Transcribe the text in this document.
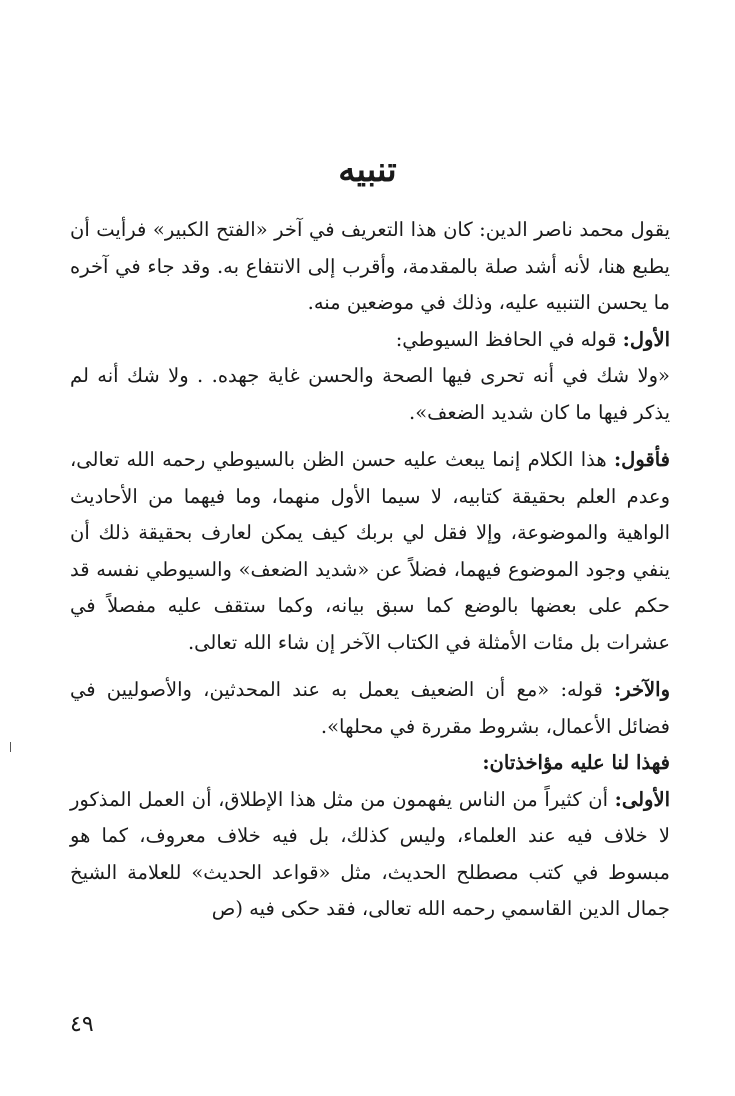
تنبيه

يقول محمد ناصر الدين: كان هذا التعريف في آخر «الفتح الكبير» فرأيت أن يطبع هنا، لأنه أشد صلة بالمقدمة، وأقرب إلى الانتفاع به. وقد جاء في آخره ما يحسن التنبيه عليه، وذلك في موضعين منه.

الأول: قوله في الحافظ السيوطي:

«ولا شك في أنه تحرى فيها الصحة والحسن غاية جهده. . ولا شك أنه لم يذكر فيها ما كان شديد الضعف».

فأقول: هذا الكلام إنما يبعث عليه حسن الظن بالسيوطي رحمه الله تعالى، وعدم العلم بحقيقة كتابيه، لا سيما الأول منهما، وما فيهما من الأحاديث الواهية والموضوعة، وإلا فقل لي بربك كيف يمكن لعارف بحقيقة ذلك أن ينفي وجود الموضوع فيهما، فضلاً عن «شديد الضعف» والسيوطي نفسه قد حكم على بعضها بالوضع كما سبق بيانه، وكما ستقف عليه مفصلاً في عشرات بل مئات الأمثلة في الكتاب الآخر إن شاء الله تعالى.

والآخر: قوله: «مع أن الضعيف يعمل به عند المحدثين، والأصوليين في فضائل الأعمال، بشروط مقررة في محلها».

فهذا لنا عليه مؤاخذتان:

الأولى: أن كثيراً من الناس يفهمون من مثل هذا الإطلاق، أن العمل المذكور لا خلاف فيه عند العلماء، وليس كذلك، بل فيه خلاف معروف، كما هو مبسوط في كتب مصطلح الحديث، مثل «قواعد الحديث» للعلامة الشيخ جمال الدين القاسمي رحمه الله تعالى، فقد حكى فيه (ص

٤٩
